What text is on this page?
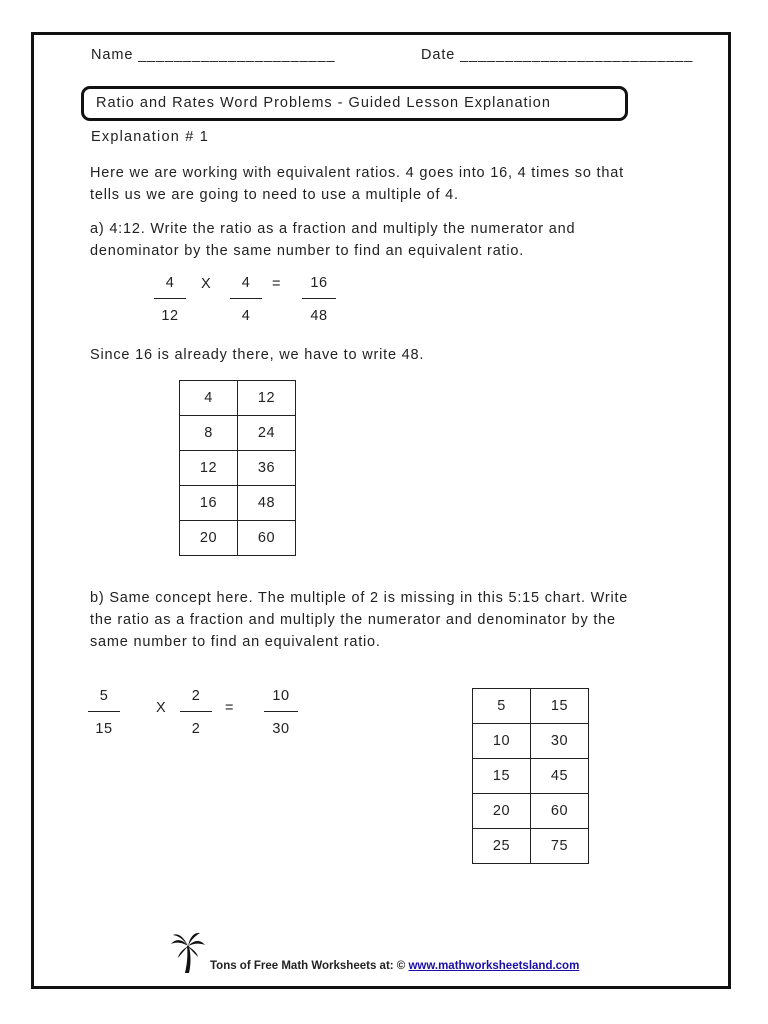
Name ______________________	Date __________________________
Ratio and Rates Word Problems - Guided Lesson Explanation
Explanation # 1
Here we are working with equivalent ratios. 4 goes into 16, 4 times so that
tells us we are going to need to use a multiple of 4.
a) 4:12. Write the ratio as a fraction and multiply the numerator and
denominator by the same number to find an equivalent ratio.
4
12
X	4
4
=	16
48
Since 16 is already there, we have to write 48.
4	12
8	24
12	36
16	48
20	60
b) Same concept here. The multiple of 2 is missing in this 5:15 chart. Write
the ratio as a fraction and multiply the numerator and denominator by the
same number to find an equivalent ratio.
5
15
X
2
2
=
10
30
5	15
10	30
15	45
20	60
25	75
Tons of Free Math Worksheets at: © www.mathworksheetsland.com
